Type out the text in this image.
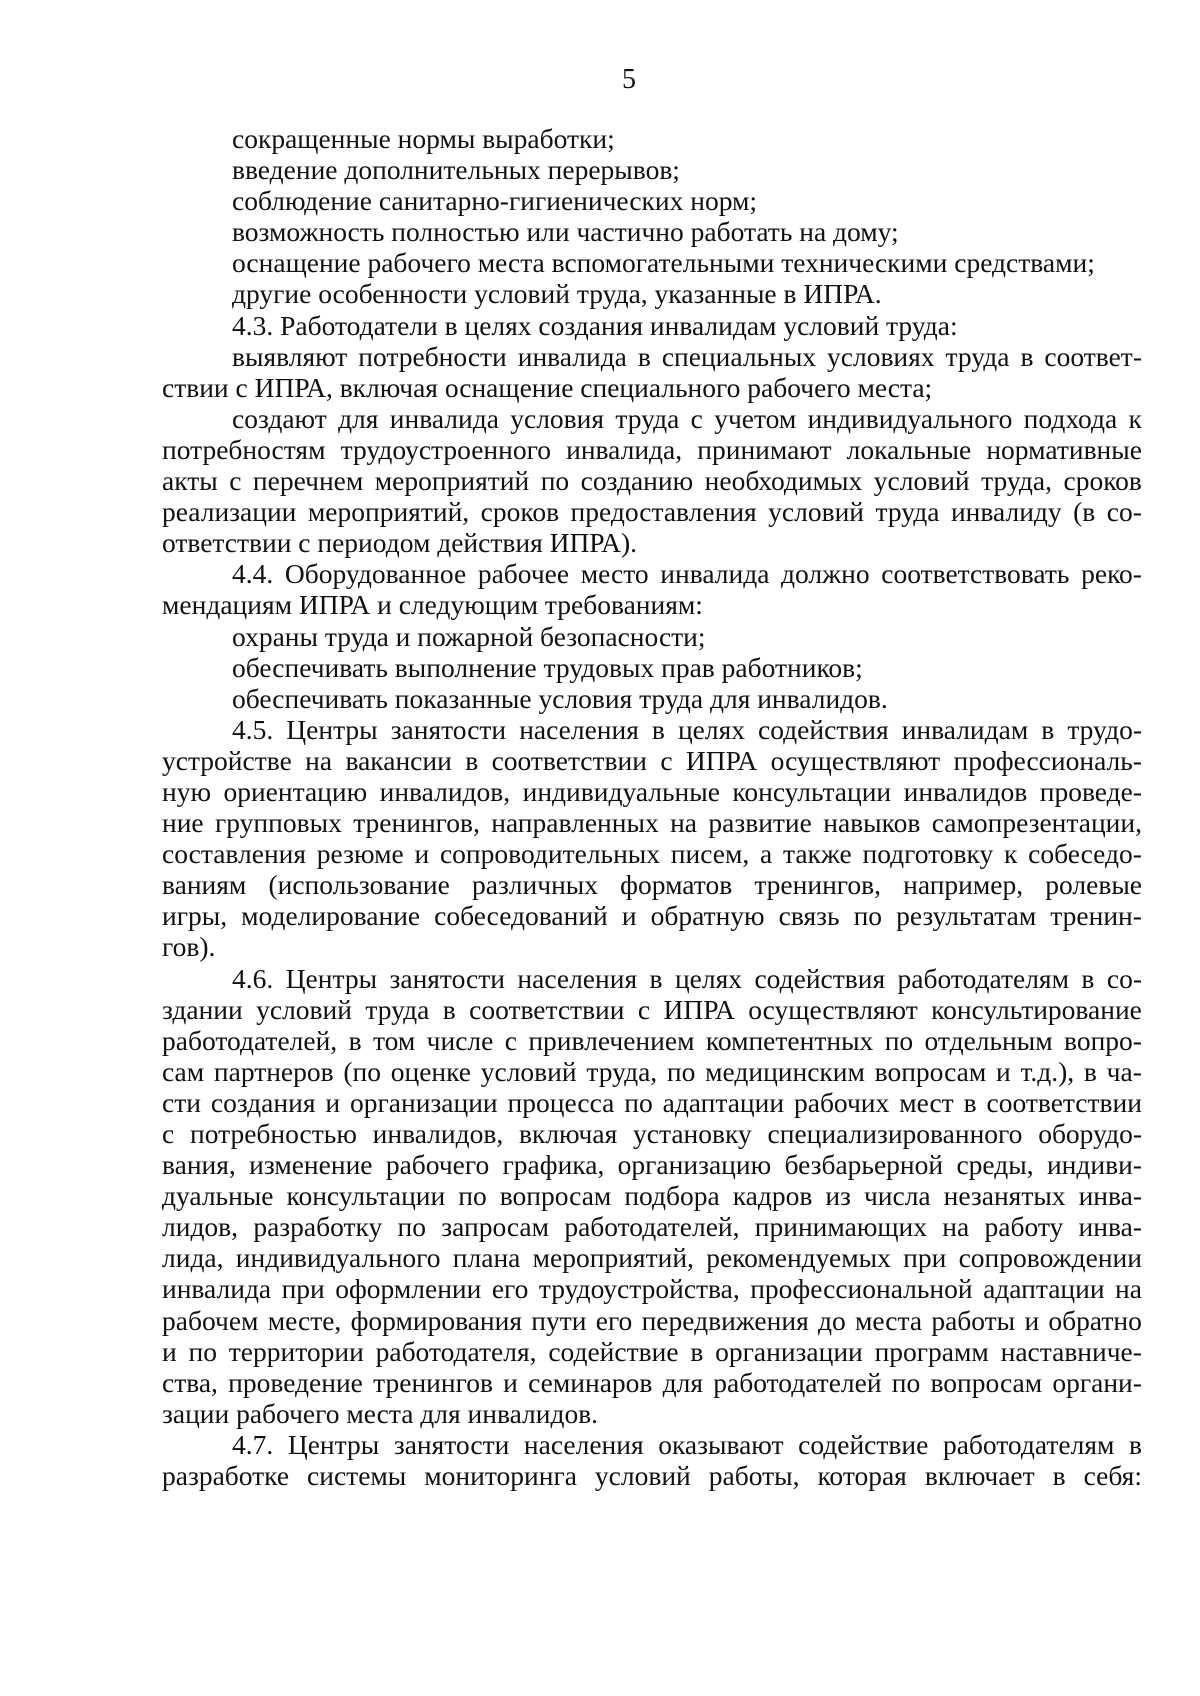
5
сокращенные нормы выработки;
введение дополнительных перерывов;
соблюдение санитарно-гигиенических норм;
возможность полностью или частично работать на дому;
оснащение рабочего места вспомогательными техническими средствами;
другие особенности условий труда, указанные в ИПРА.
4.3. Работодатели в целях создания инвалидам условий труда:
выявляют потребности инвалида в специальных условиях труда в соответ-
ствии с ИПРА, включая оснащение специального рабочего места;
создают для инвалида условия труда с учетом индивидуального подхода к
потребностям трудоустроенного инвалида, принимают локальные нормативные
акты с перечнем мероприятий по созданию необходимых условий труда, сроков
реализации мероприятий, сроков предоставления условий труда инвалиду (в со-
ответствии с периодом действия ИПРА).
4.4. Оборудованное рабочее место инвалида должно соответствовать реко-
мендациям ИПРА и следующим требованиям:
охраны труда и пожарной безопасности;
обеспечивать выполнение трудовых прав работников;
обеспечивать показанные условия труда для инвалидов.
4.5. Центры занятости населения в целях содействия инвалидам в трудо-
устройстве на вакансии в соответствии с ИПРА осуществляют профессиональ-
ную ориентацию инвалидов, индивидуальные консультации инвалидов проведе-
ние групповых тренингов, направленных на развитие навыков самопрезентации,
составления резюме и сопроводительных писем, а также подготовку к собеседо-
ваниям (использование различных форматов тренингов, например, ролевые
игры, моделирование собеседований и обратную связь по результатам тренин-
гов).
4.6. Центры занятости населения в целях содействия работодателям в со-
здании условий труда в соответствии с ИПРА осуществляют консультирование
работодателей, в том числе с привлечением компетентных по отдельным вопро-
сам партнеров (по оценке условий труда, по медицинским вопросам и т.д.), в ча-
сти создания и организации процесса по адаптации рабочих мест в соответствии
с потребностью инвалидов, включая установку специализированного оборудо-
вания, изменение рабочего графика, организацию безбарьерной среды, индиви-
дуальные консультации по вопросам подбора кадров из числа незанятых инва-
лидов, разработку по запросам работодателей, принимающих на работу инва-
лида, индивидуального плана мероприятий, рекомендуемых при сопровождении
инвалида при оформлении его трудоустройства, профессиональной адаптации на
рабочем месте, формирования пути его передвижения до места работы и обратно
и по территории работодателя, содействие в организации программ наставниче-
ства, проведение тренингов и семинаров для работодателей по вопросам органи-
зации рабочего места для инвалидов.
4.7. Центры занятости населения оказывают содействие работодателям в
разработке системы мониторинга условий работы, которая включает в себя:
